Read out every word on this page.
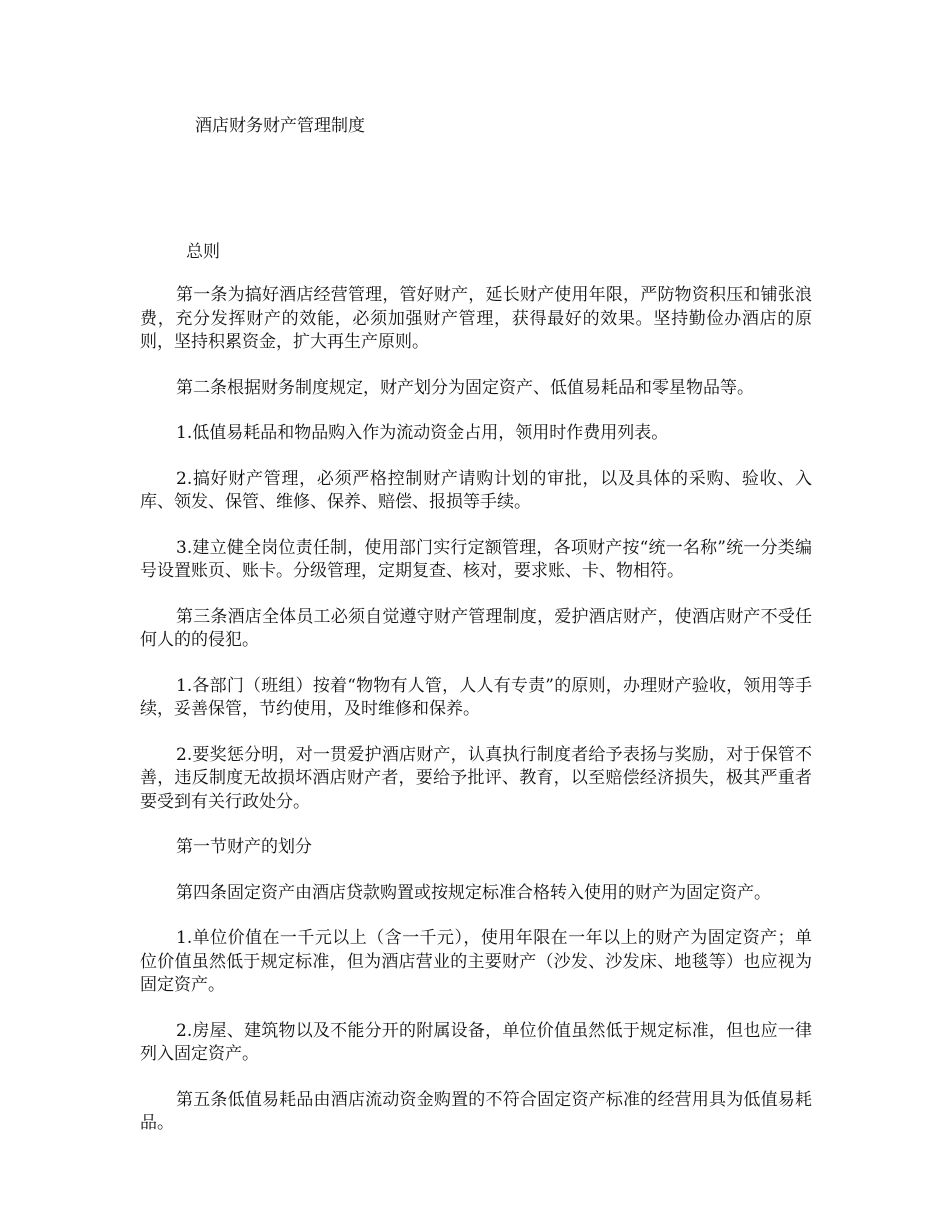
酒店财务财产管理制度
总则

第一条为搞好酒店经营管理，管好财产，延长财产使用年限，严防物资积压和铺张浪费，充分发挥财产的效能，必须加强财产管理，获得最好的效果。坚持勤俭办酒店的原则，坚持积累资金，扩大再生产原则。

第二条根据财务制度规定，财产划分为固定资产、低值易耗品和零星物品等。

1.低值易耗品和物品购入作为流动资金占用，领用时作费用列表。

2.搞好财产管理，必须严格控制财产请购计划的审批，以及具体的采购、验收、入库、领发、保管、维修、保养、赔偿、报损等手续。

3.建立健全岗位责任制，使用部门实行定额管理，各项财产按“统一名称”统一分类编号设置账页、账卡。分级管理，定期复查、核对，要求账、卡、物相符。

第三条酒店全体员工必须自觉遵守财产管理制度，爱护酒店财产，使酒店财产不受任何人的的侵犯。

1.各部门（班组）按着“物物有人管，人人有专责”的原则，办理财产验收，领用等手续，妥善保管，节约使用，及时维修和保养。

2.要奖惩分明，对一贯爱护酒店财产，认真执行制度者给予表扬与奖励，对于保管不善，违反制度无故损坏酒店财产者，要给予批评、教育，以至赔偿经济损失，极其严重者要受到有关行政处分。

第一节财产的划分

第四条固定资产由酒店贷款购置或按规定标准合格转入使用的财产为固定资产。

1.单位价值在一千元以上（含一千元），使用年限在一年以上的财产为固定资产；单位价值虽然低于规定标准，但为酒店营业的主要财产（沙发、沙发床、地毯等）也应视为固定资产。

2.房屋、建筑物以及不能分开的附属设备，单位价值虽然低于规定标准，但也应一律列入固定资产。

第五条低值易耗品由酒店流动资金购置的不符合固定资产标准的经营用具为低值易耗品。
